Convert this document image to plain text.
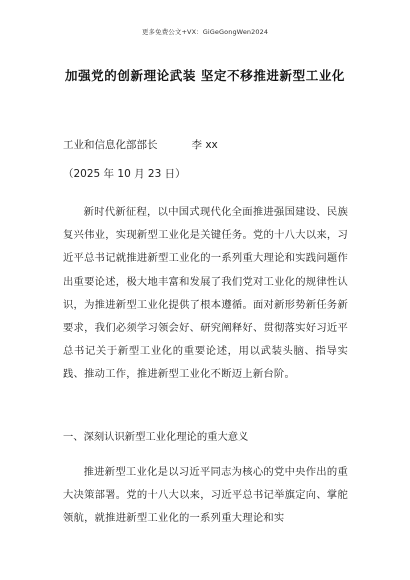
更多免费公文+VX：GiGeGongWen2024
加强党的创新理论武装 坚定不移推进新型工业化
工业和信息化部部长	李 xx
（2025 年 10 月 23 日）

新时代新征程，以中国式现代化全面推进强国建设、民族复兴伟业，实现新型工业化是关键任务。党的十八大以来，习近平总书记就推进新型工业化的一系列重大理论和实践问题作出重要论述，极大地丰富和发展了我们党对工业化的规律性认识，为推进新型工业化提供了根本遵循。面对新形势新任务新要求，我们必须学习领会好、研究阐释好、贯彻落实好习近平总书记关于新型工业化的重要论述，用以武装头脑、指导实践、推动工作，推进新型工业化不断迈上新台阶。

一、深刻认识新型工业化理论的重大意义

推进新型工业化是以习近平同志为核心的党中央作出的重大决策部署。党的十八大以来，习近平总书记举旗定向、掌舵领航，就推进新型工业化的一系列重大理论和实
